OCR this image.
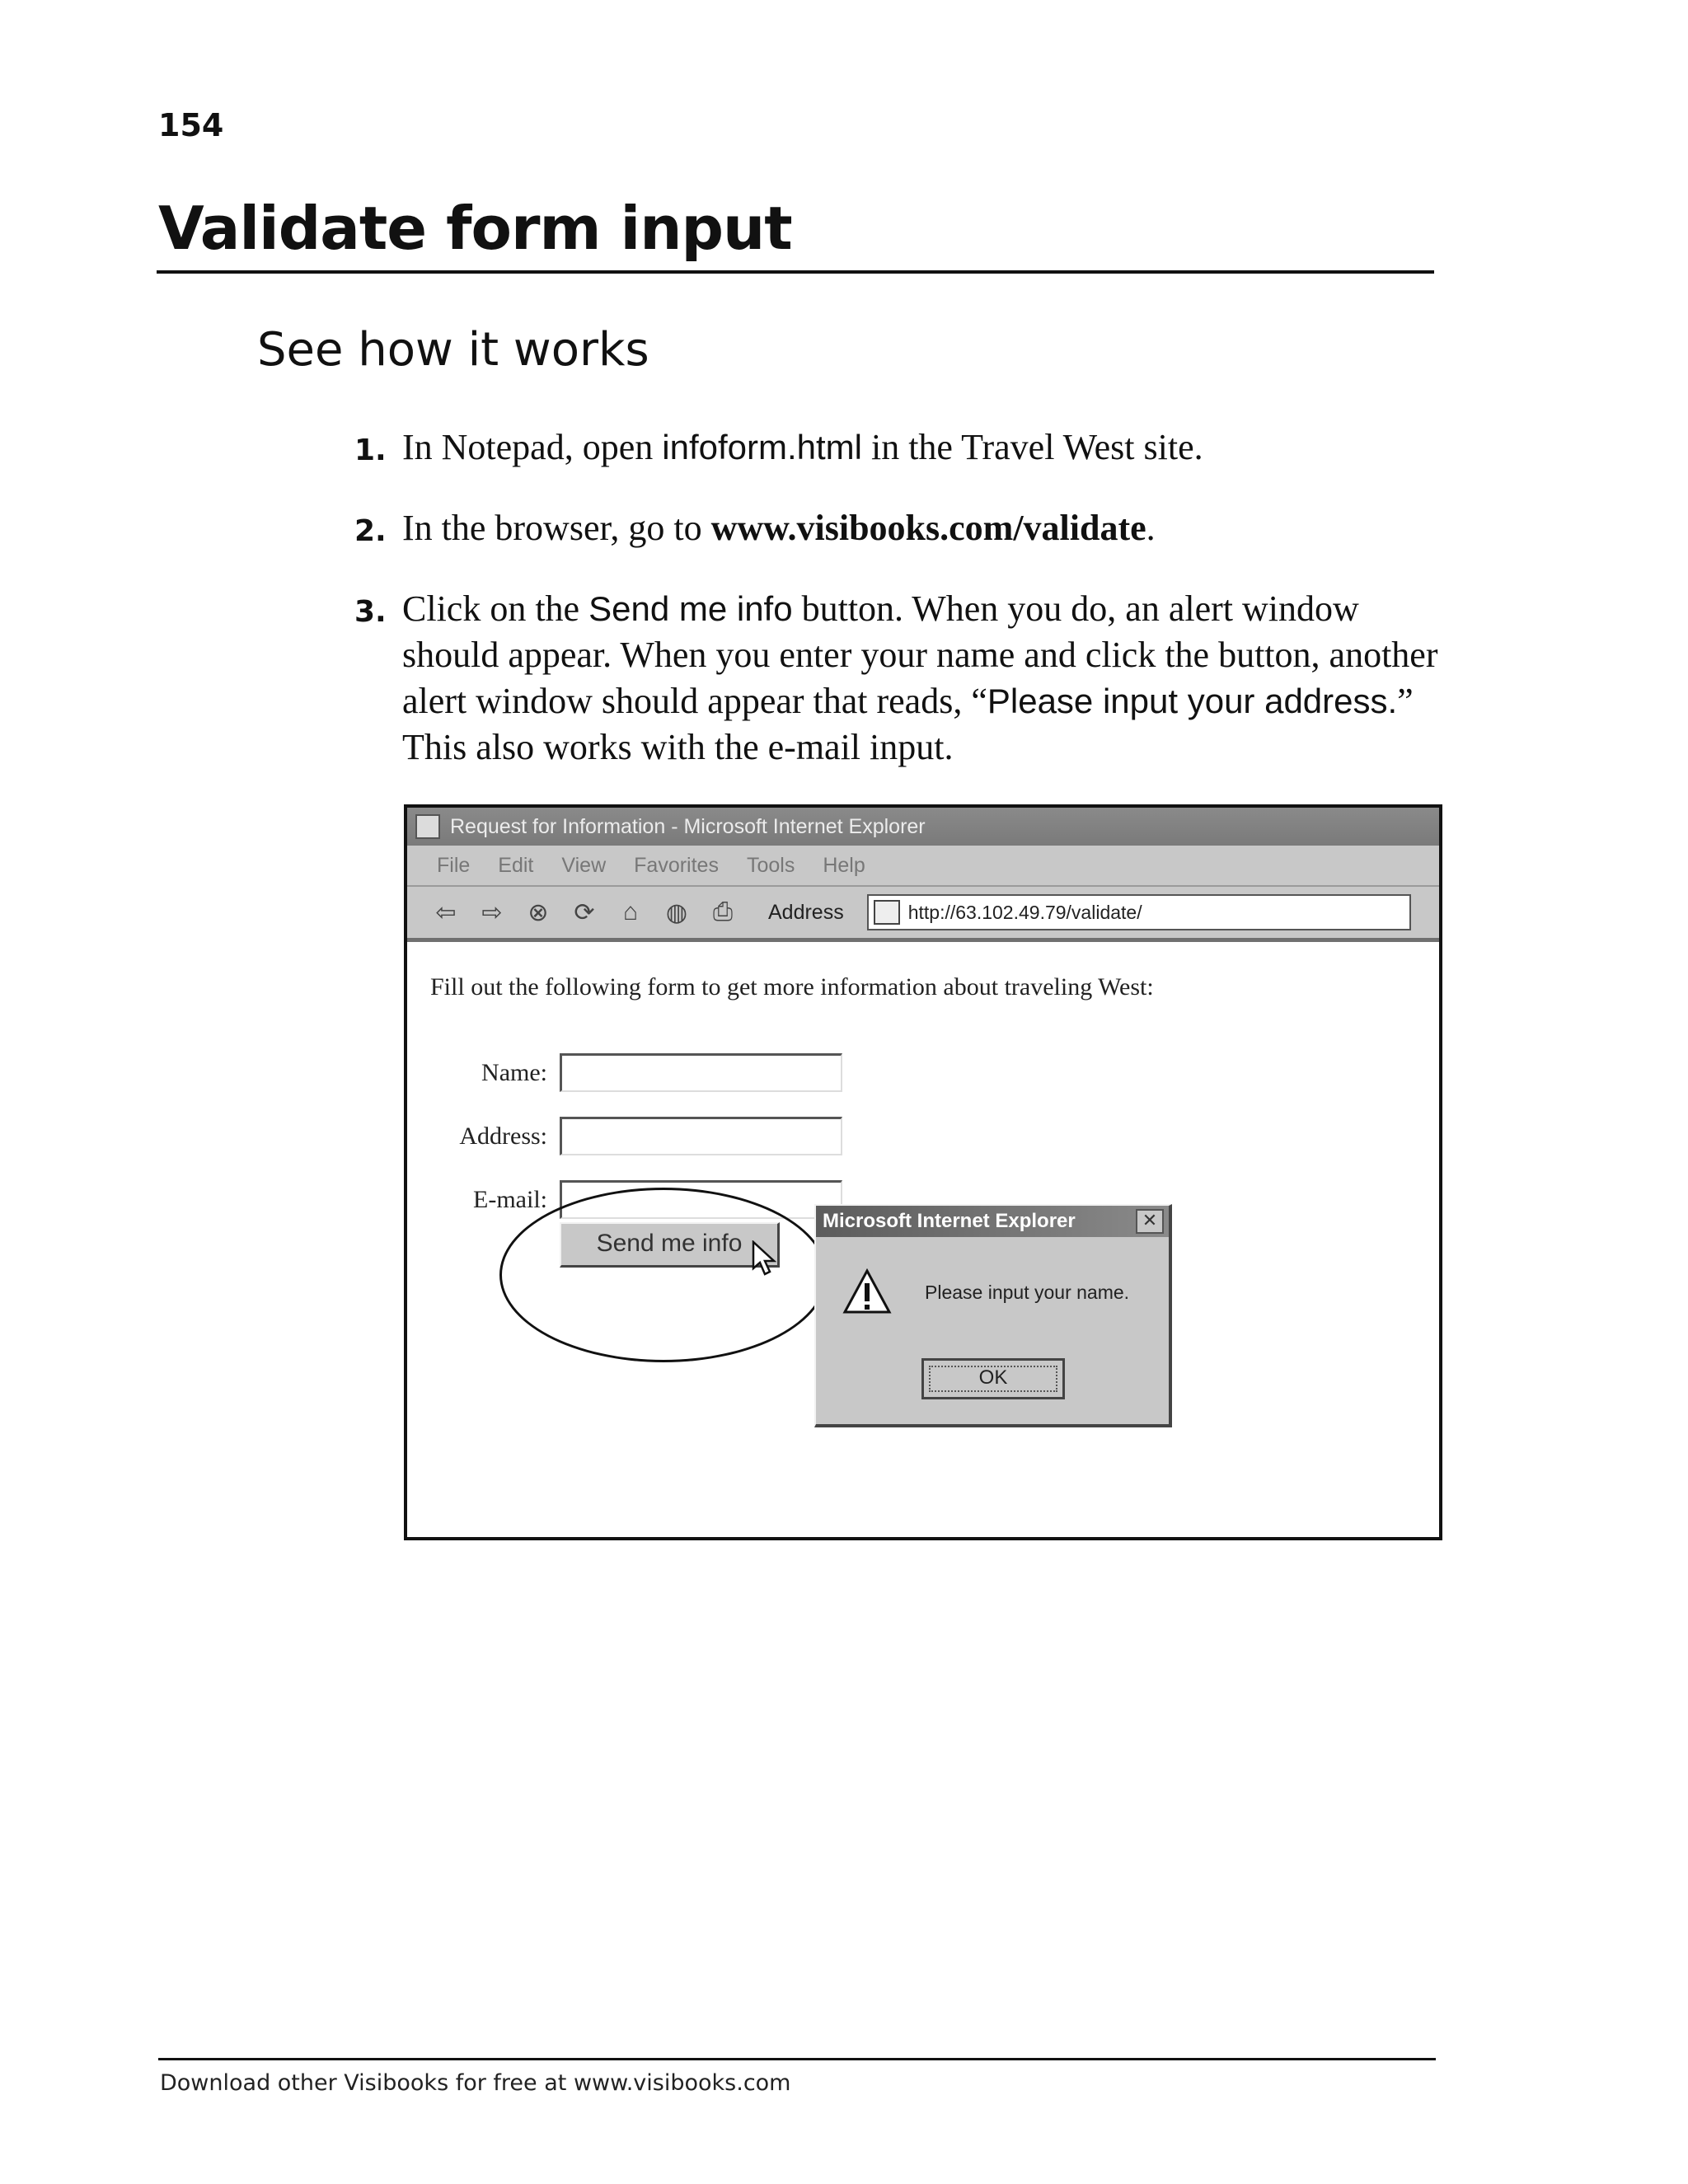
154
Validate form input
See how it works
1. In Notepad, open infoform.html in the Travel West site.
2. In the browser, go to www.visibooks.com/validate.
3. Click on the Send me info button. When you do, an alert window should appear. When you enter your name and click the button, another alert window should appear that reads, “Please input your address.” This also works with the e-mail input.
Request for Information - Microsoft Internet Explorer
File Edit View Favorites Tools Help
⇦ ⇨ ⊗ ⟳ ⌂ ◍ ⎙ Address	http://63.102.49.79/validate/
Fill out the following form to get more information about traveling West:
Name:
Address:
E-mail:
Send me info
Microsoft Internet Explorer	✕
Please input your name.
OK
Download other Visibooks for free at www.visibooks.com
